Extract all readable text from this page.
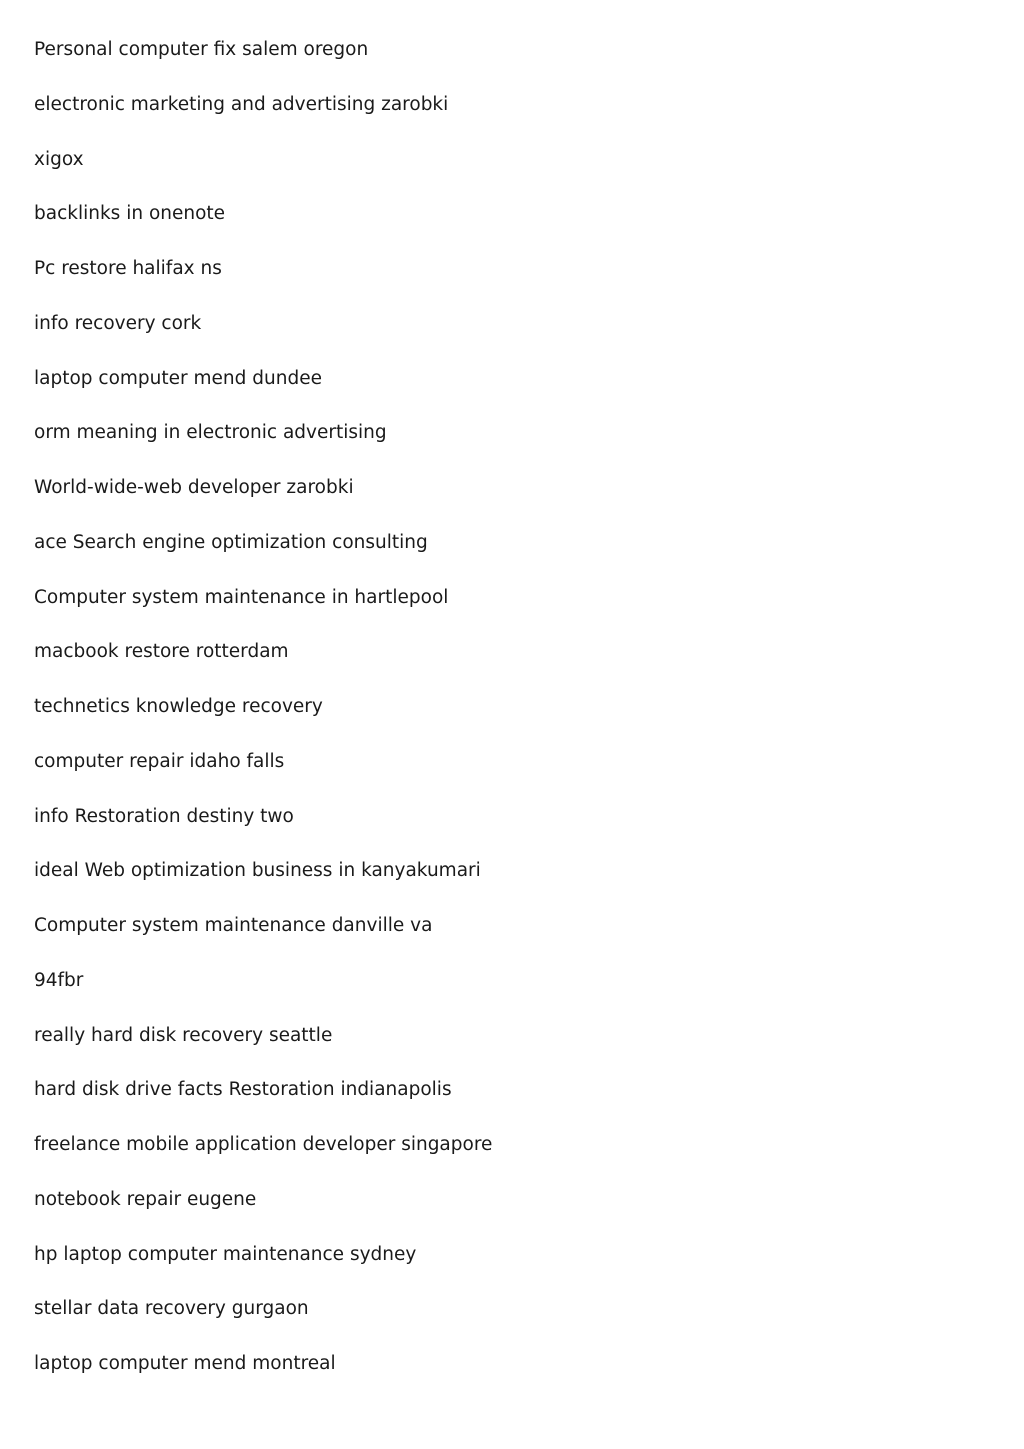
Personal computer fix salem oregon
electronic marketing and advertising zarobki
xigox
backlinks in onenote
Pc restore halifax ns
info recovery cork
laptop computer mend dundee
orm meaning in electronic advertising
World-wide-web developer zarobki
ace Search engine optimization consulting
Computer system maintenance in hartlepool
macbook restore rotterdam
technetics knowledge recovery
computer repair idaho falls
info Restoration destiny two
ideal Web optimization business in kanyakumari
Computer system maintenance danville va
94fbr
really hard disk recovery seattle
hard disk drive facts Restoration indianapolis
freelance mobile application developer singapore
notebook repair eugene
hp laptop computer maintenance sydney
stellar data recovery gurgaon
laptop computer mend montreal
